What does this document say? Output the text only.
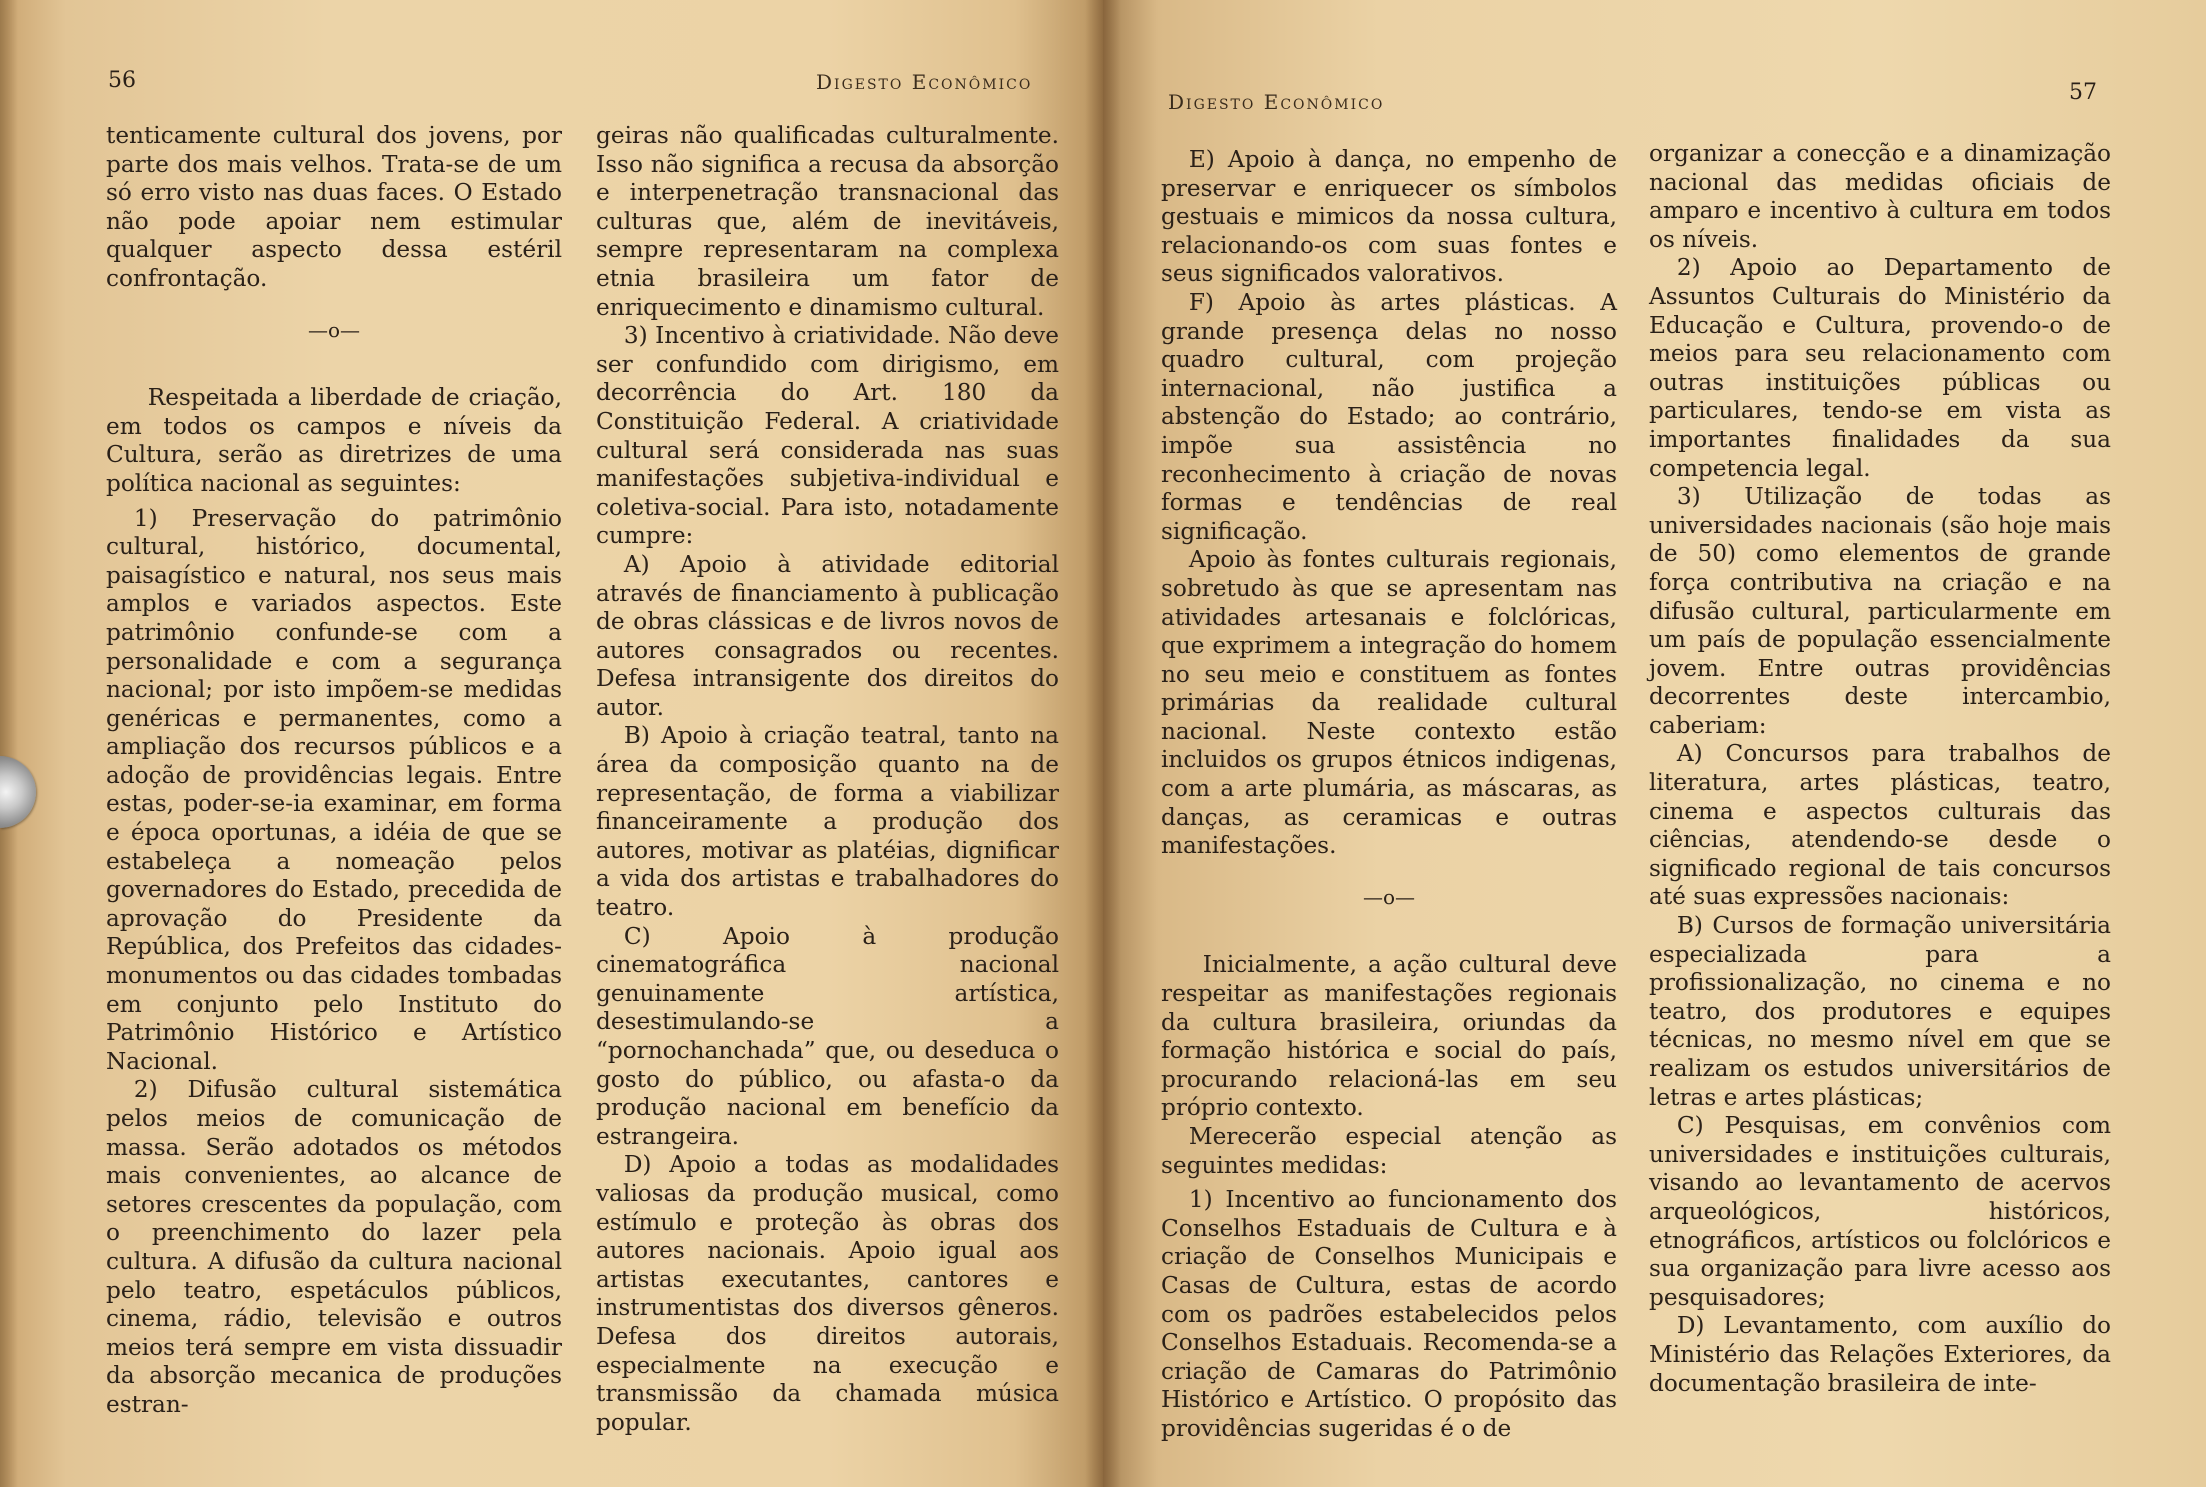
56	Digesto Econômico

tenticamente cultural dos jovens, por parte dos mais velhos. Trata-se de um só erro visto nas duas faces. O Estado não pode apoiar nem estimular qualquer aspecto dessa estéril confrontação.

—o—

Respeitada a liberdade de criação, em todos os campos e níveis da Cultura, serão as diretrizes de uma política nacional as seguintes:

1) Preservação do patrimônio cultural, histórico, documental, paisagístico e natural, nos seus mais amplos e variados aspectos. Este patrimônio confunde-se com a personalidade e com a segurança nacional; por isto impõem-se medidas genéricas e permanentes, como a ampliação dos recursos públicos e a adoção de providências legais. Entre estas, poder-se-ia examinar, em forma e época oportunas, a idéia de que se estabeleça a nomeação pelos governadores do Estado, precedida de aprovação do Presidente da República, dos Prefeitos das cidades-monumentos ou das cidades tombadas em conjunto pelo Instituto do Patrimônio Histórico e Artístico Nacional.

2) Difusão cultural sistemática pelos meios de comunicação de massa. Serão adotados os métodos mais convenientes, ao alcance de setores crescentes da população, com o preenchimento do lazer pela cultura. A difusão da cultura nacional pelo teatro, espetáculos públicos, cinema, rádio, televisão e outros meios terá sempre em vista dissuadir da absorção mecanica de produções estran-

geiras não qualificadas culturalmente. Isso não significa a recusa da absorção e interpenetração transnacional das culturas que, além de inevitáveis, sempre representaram na complexa etnia brasileira um fator de enriquecimento e dinamismo cultural.

3) Incentivo à criatividade. Não deve ser confundido com dirigismo, em decorrência do Art. 180 da Constituição Federal. A criatividade cultural será considerada nas suas manifestações subjetiva-individual e coletiva-social. Para isto, notadamente cumpre:

A) Apoio à atividade editorial através de financiamento à publicação de obras clássicas e de livros novos de autores consagrados ou recentes. Defesa intransigente dos direitos do autor.

B) Apoio à criação teatral, tanto na área da composição quanto na de representação, de forma a viabilizar financeiramente a produção dos autores, motivar as platéias, dignificar a vida dos artistas e trabalhadores do teatro.

C) Apoio à produção cinematográfica nacional genuinamente artística, desestimulando-se a “pornochanchada” que, ou deseduca o gosto do público, ou afasta-o da produção nacional em benefício da estrangeira.

D) Apoio a todas as modalidades valiosas da produção musical, como estímulo e proteção às obras dos autores nacionais. Apoio igual aos artistas executantes, cantores e instrumentistas dos diversos gêneros. Defesa dos direitos autorais, especialmente na execução e transmissão da chamada música popular.

Digesto Econômico	57

E) Apoio à dança, no empenho de preservar e enriquecer os símbolos gestuais e mimicos da nossa cultura, relacionando-os com suas fontes e seus significados valorativos.

F) Apoio às artes plásticas. A grande presença delas no nosso quadro cultural, com projeção internacional, não justifica a abstenção do Estado; ao contrário, impõe sua assistência no reconhecimento à criação de novas formas e tendências de real significação.

Apoio às fontes culturais regionais, sobretudo às que se apresentam nas atividades artesanais e folclóricas, que exprimem a integração do homem no seu meio e constituem as fontes primárias da realidade cultural nacional. Neste contexto estão incluidos os grupos étnicos indigenas, com a arte plumária, as máscaras, as danças, as ceramicas e outras manifestações.

—o—

Inicialmente, a ação cultural deve respeitar as manifestações regionais da cultura brasileira, oriundas da formação histórica e social do país, procurando relacioná-las em seu próprio contexto.

Merecerão especial atenção as seguintes medidas:

1) Incentivo ao funcionamento dos Conselhos Estaduais de Cultura e à criação de Conselhos Municipais e Casas de Cultura, estas de acordo com os padrões estabelecidos pelos Conselhos Estaduais. Recomenda-se a criação de Camaras do Patrimônio Histórico e Artístico. O propósito das providências sugeridas é o de

organizar a conecção e a dinamização nacional das medidas oficiais de amparo e incentivo à cultura em todos os níveis.

2) Apoio ao Departamento de Assuntos Culturais do Ministério da Educação e Cultura, provendo-o de meios para seu relacionamento com outras instituições públicas ou particulares, tendo-se em vista as importantes finalidades da sua competencia legal.

3) Utilização de todas as universidades nacionais (são hoje mais de 50) como elementos de grande força contributiva na criação e na difusão cultural, particularmente em um país de população essencialmente jovem. Entre outras providências decorrentes deste intercambio, caberiam:

A) Concursos para trabalhos de literatura, artes plásticas, teatro, cinema e aspectos culturais das ciências, atendendo-se desde o significado regional de tais concursos até suas expressões nacionais:

B) Cursos de formação universitária especializada para a profissionalização, no cinema e no teatro, dos produtores e equipes técnicas, no mesmo nível em que se realizam os estudos universitários de letras e artes plásticas;

C) Pesquisas, em convênios com universidades e instituições culturais, visando ao levantamento de acervos arqueológicos, históricos, etnográficos, artísticos ou folclóricos e sua organização para livre acesso aos pesquisadores;

D) Levantamento, com auxílio do Ministério das Relações Exteriores, da documentação brasileira de inte-
